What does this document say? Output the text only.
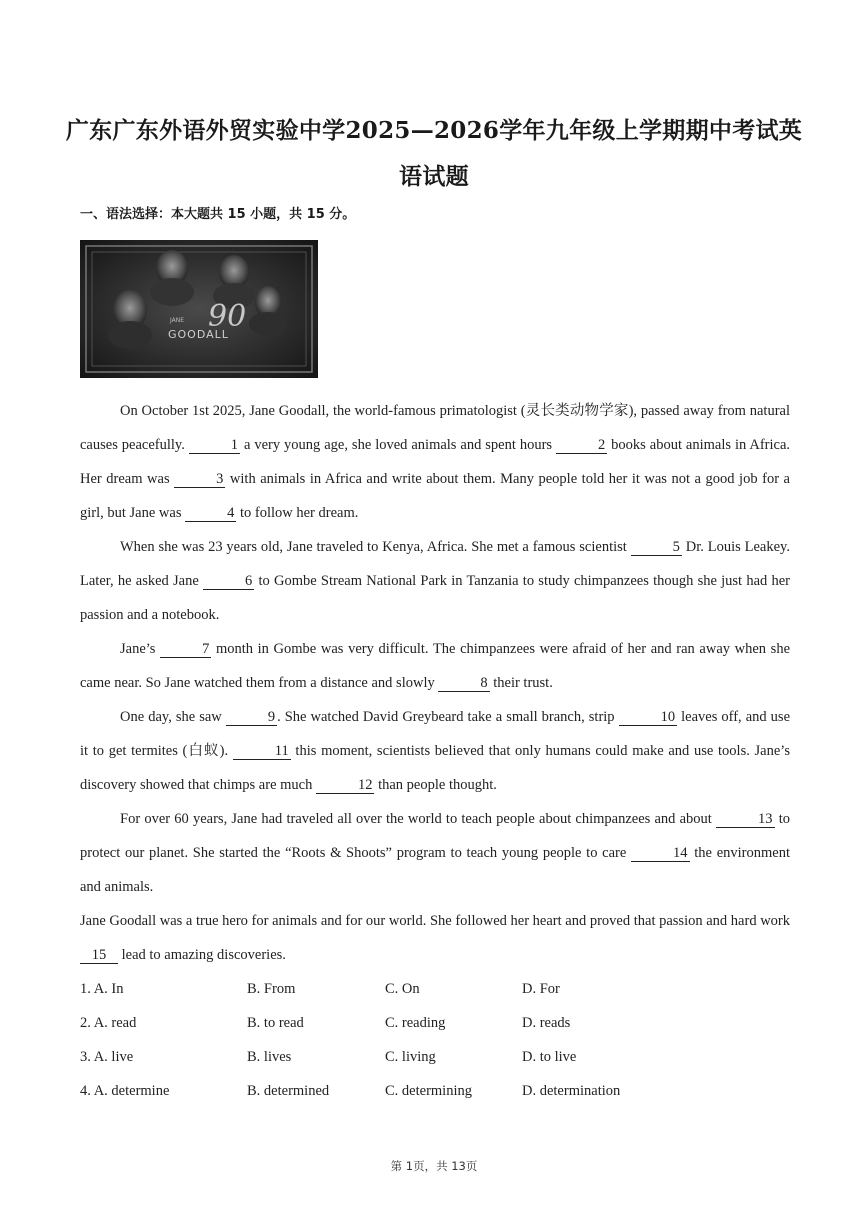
广东广东外语外贸实验中学2025—2026学年九年级上学期期中考试英语试题
一、语法选择：本大题共 15 小题，共 15 分。
90
JANE
GOODALL

On October 1st 2025, Jane Goodall, the world-famous primatologist (灵长类动物学家), passed away from natural causes peacefully.	1 a very young age, she loved animals and spent hours	2 books about animals in Africa. Her dream was	3 with animals in Africa and write about them. Many people told her it was not a good job for a girl, but Jane was	4 to follow her dream.

When she was 23 years old, Jane traveled to Kenya, Africa. She met a famous scientist	5 Dr. Louis Leakey. Later, he asked Jane	6 to Gombe Stream National Park in Tanzania to study chimpanzees though she just had her passion and a notebook.

Jane’s	7 month in Gombe was very difficult. The chimpanzees were afraid of her and ran away when she came near. So Jane watched them from a distance and slowly	8 their trust.

One day, she saw	9 . She watched David Greybeard take a small branch, strip	10 leaves off, and use it to get termites (白蚁).	11 this moment, scientists believed that only humans could make and use tools. Jane’s discovery showed that chimps are much	12 than people thought.

For over 60 years, Jane had traveled all over the world to teach people about chimpanzees and about	13 to protect our planet. She started the “Roots & Shoots” program to teach young people to care	14 the environment and animals.

Jane Goodall was a true hero for animals and for our world. She followed her heart and proved that passion and hard work 15 lead to amazing discoveries.

1. A. In	B. From	C. On	D. For
2. A. read	B. to read	C. reading	D. reads
3. A. live	B. lives	C. living	D. to live
4. A. determine	B. determined	C. determining	D. determination
第 1页，共 13页
